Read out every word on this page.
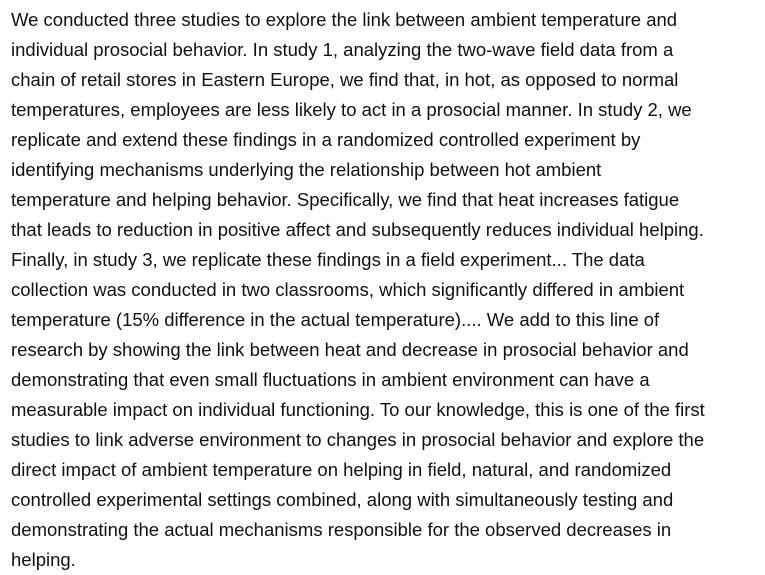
We conducted three studies to explore the link between ambient temperature and
individual prosocial behavior. In study 1, analyzing the two-wave field data from a
chain of retail stores in Eastern Europe, we find that, in hot, as opposed to normal
temperatures, employees are less likely to act in a prosocial manner. In study 2, we
replicate and extend these findings in a randomized controlled experiment by
identifying mechanisms underlying the relationship between hot ambient
temperature and helping behavior. Specifically, we find that heat increases fatigue
that leads to reduction in positive affect and subsequently reduces individual helping.
Finally, in study 3, we replicate these findings in a field experiment... The data
collection was conducted in two classrooms, which significantly differed in ambient
temperature (15% difference in the actual temperature).... We add to this line of
research by showing the link between heat and decrease in prosocial behavior and
demonstrating that even small fluctuations in ambient environment can have a
measurable impact on individual functioning. To our knowledge, this is one of the first
studies to link adverse environment to changes in prosocial behavior and explore the
direct impact of ambient temperature on helping in field, natural, and randomized
controlled experimental settings combined, along with simultaneously testing and
demonstrating the actual mechanisms responsible for the observed decreases in
helping.
